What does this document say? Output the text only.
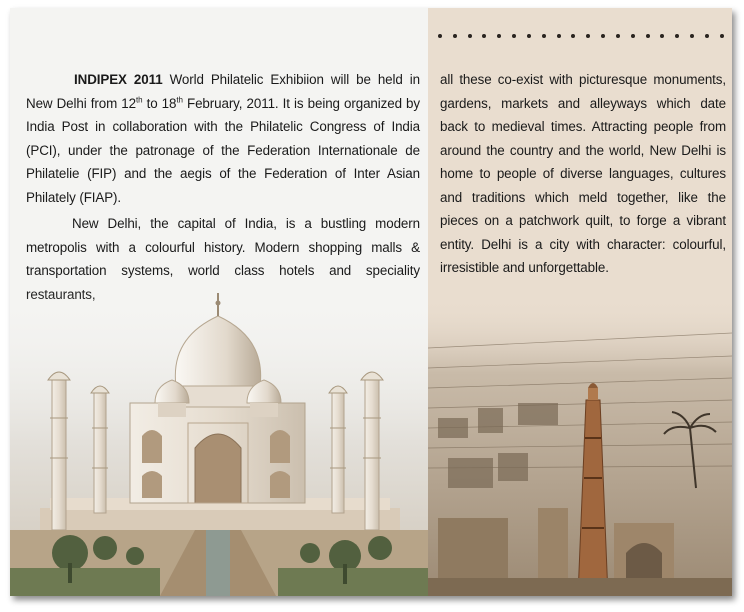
INDIPEX 2011 World Philatelic Exhibiion will be held in New Delhi from 12th to 18th February, 2011. It is being organized by India Post in collaboration with the Philatelic Congress of India (PCI), under the patronage of the Federation Internationale de Philatelie (FIP) and the aegis of the Federation of Inter Asian Philately (FIAP).

New Delhi, the capital of India, is a bustling modern metropolis with a colourful history. Modern shopping malls & transportation systems, world class hotels and speciality

all these co-exist with picturesque monuments, gardens, markets and alleyways which date back to medieval times. Attracting people from around the country and the world, New Delhi is home to people of diverse languages, cultures and traditions which meld together, like the pieces on a patchwork quilt, to forge a vibrant entity. Delhi is a city with character: colourful, irresistible and unforgettable.
